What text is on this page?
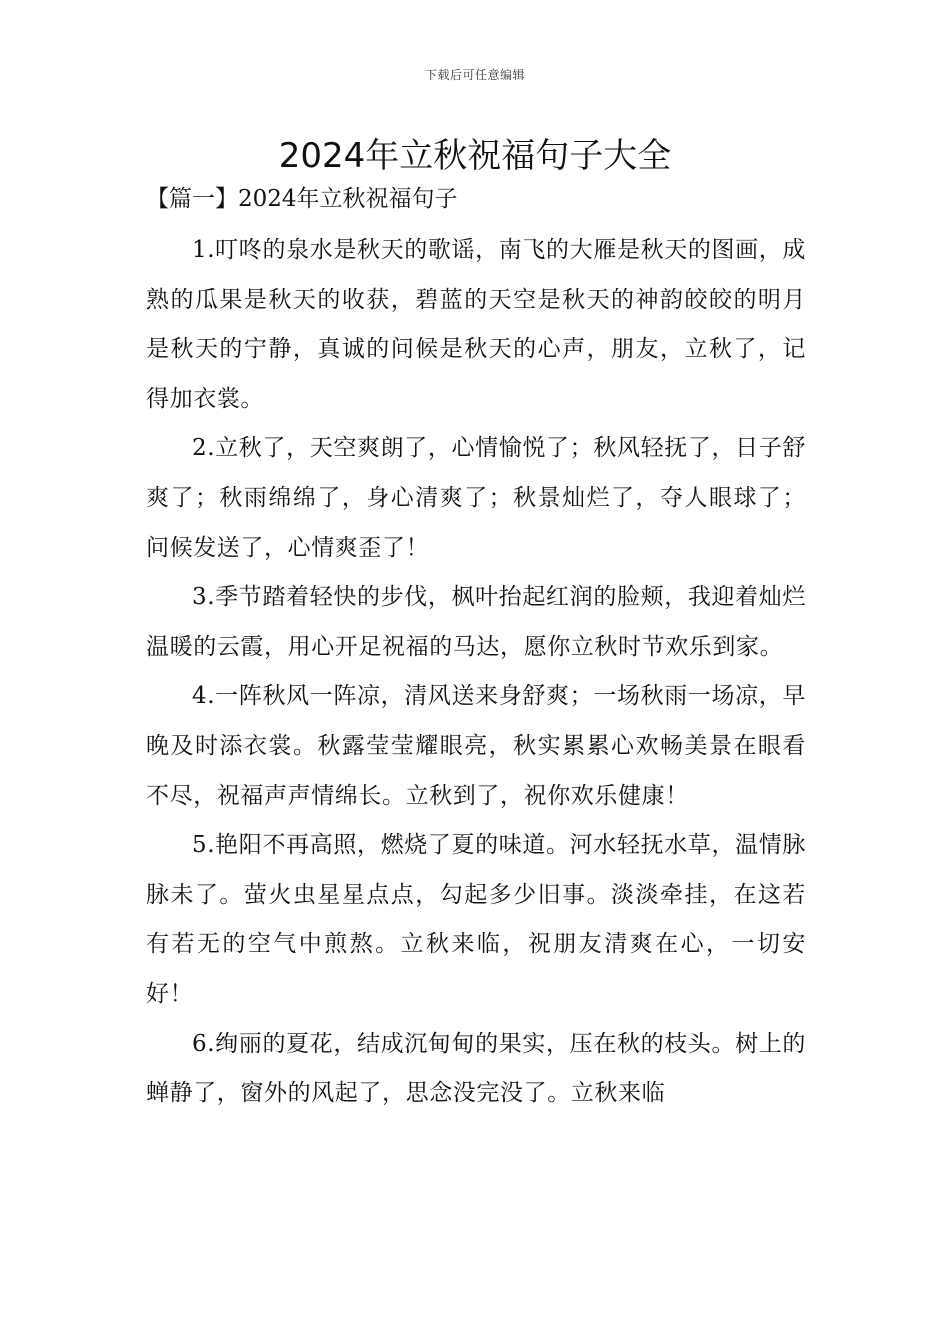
下载后可任意编辑
2024年立秋祝福句子大全
【篇一】2024年立秋祝福句子

1.叮咚的泉水是秋天的歌谣，南飞的大雁是秋天的图画，成熟的瓜果是秋天的收获，碧蓝的天空是秋天的神韵皎皎的明月是秋天的宁静，真诚的问候是秋天的心声，朋友，立秋了，记得加衣裳。

2.立秋了，天空爽朗了，心情愉悦了；秋风轻抚了，日子舒爽了；秋雨绵绵了，身心清爽了；秋景灿烂了，夺人眼球了；问候发送了，心情爽歪了！

3.季节踏着轻快的步伐，枫叶抬起红润的脸颊，我迎着灿烂温暖的云霞，用心开足祝福的马达，愿你立秋时节欢乐到家。

4.一阵秋风一阵凉，清风送来身舒爽；一场秋雨一场凉，早晚及时添衣裳。秋露莹莹耀眼亮，秋实累累心欢畅美景在眼看不尽，祝福声声情绵长。立秋到了，祝你欢乐健康！

5.艳阳不再高照，燃烧了夏的味道。河水轻抚水草，温情脉脉未了。萤火虫星星点点，勾起多少旧事。淡淡牵挂，在这若有若无的空气中煎熬。立秋来临，祝朋友清爽在心，一切安好！

6.绚丽的夏花，结成沉甸甸的果实，压在秋的枝头。树上的蝉静了，窗外的风起了，思念没完没了。立秋来临
